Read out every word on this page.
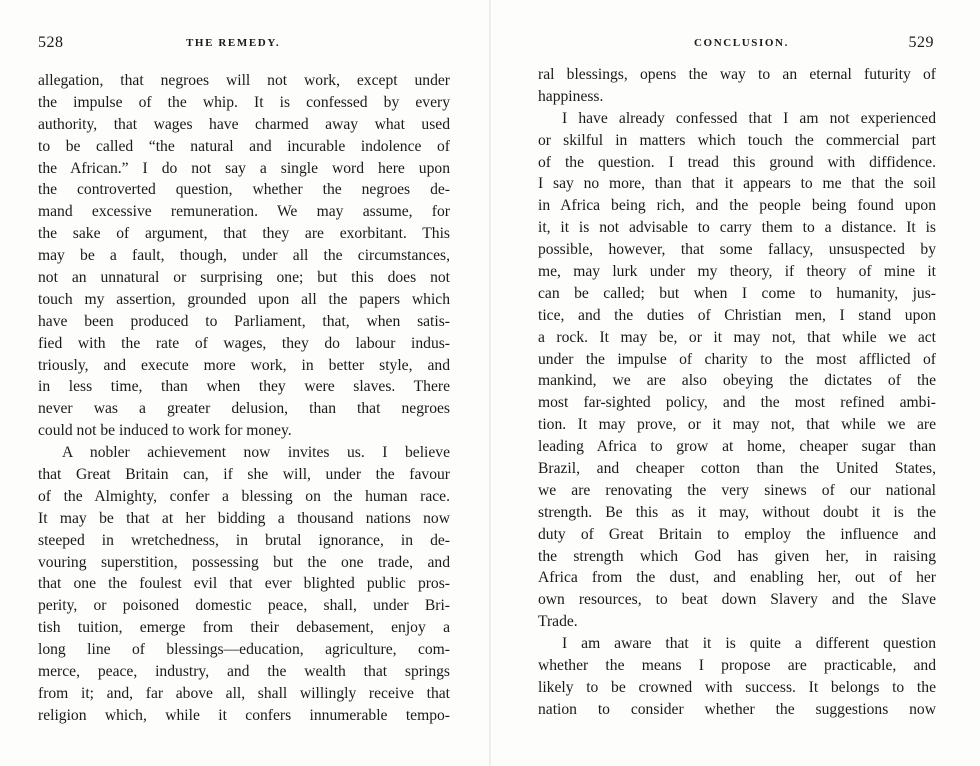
528	THE REMEDY.
allegation, that negroes will not work, except under
the impulse of the whip. It is confessed by every
authority, that wages have charmed away what used
to be called “the natural and incurable indolence of
the African.” I do not say a single word here upon
the controverted question, whether the negroes de-
mand excessive remuneration. We may assume, for
the sake of argument, that they are exorbitant. This
may be a fault, though, under all the circumstances,
not an unnatural or surprising one; but this does not
touch my assertion, grounded upon all the papers which
have been produced to Parliament, that, when satis-
fied with the rate of wages, they do labour indus-
triously, and execute more work, in better style, and
in less time, than when they were slaves. There
never was a greater delusion, than that negroes
could not be induced to work for money.
A nobler achievement now invites us. I believe
that Great Britain can, if she will, under the favour
of the Almighty, confer a blessing on the human race.
It may be that at her bidding a thousand nations now
steeped in wretchedness, in brutal ignorance, in de-
vouring superstition, possessing but the one trade, and
that one the foulest evil that ever blighted public pros-
perity, or poisoned domestic peace, shall, under Bri-
tish tuition, emerge from their debasement, enjoy a
long line of blessings—education, agriculture, com-
merce, peace, industry, and the wealth that springs
from it; and, far above all, shall willingly receive that
religion which, while it confers innumerable tempo-
CONCLUSION.	529
ral blessings, opens the way to an eternal futurity of
happiness.
I have already confessed that I am not experienced
or skilful in matters which touch the commercial part
of the question. I tread this ground with diffidence.
I say no more, than that it appears to me that the soil
in Africa being rich, and the people being found upon
it, it is not advisable to carry them to a distance. It is
possible, however, that some fallacy, unsuspected by
me, may lurk under my theory, if theory of mine it
can be called; but when I come to humanity, jus-
tice, and the duties of Christian men, I stand upon
a rock. It may be, or it may not, that while we act
under the impulse of charity to the most afflicted of
mankind, we are also obeying the dictates of the
most far-sighted policy, and the most refined ambi-
tion. It may prove, or it may not, that while we are
leading Africa to grow at home, cheaper sugar than
Brazil, and cheaper cotton than the United States,
we are renovating the very sinews of our national
strength. Be this as it may, without doubt it is the
duty of Great Britain to employ the influence and
the strength which God has given her, in raising
Africa from the dust, and enabling her, out of her
own resources, to beat down Slavery and the Slave
Trade.
I am aware that it is quite a different question
whether the means I propose are practicable, and
likely to be crowned with success. It belongs to the
nation to consider whether the suggestions now
